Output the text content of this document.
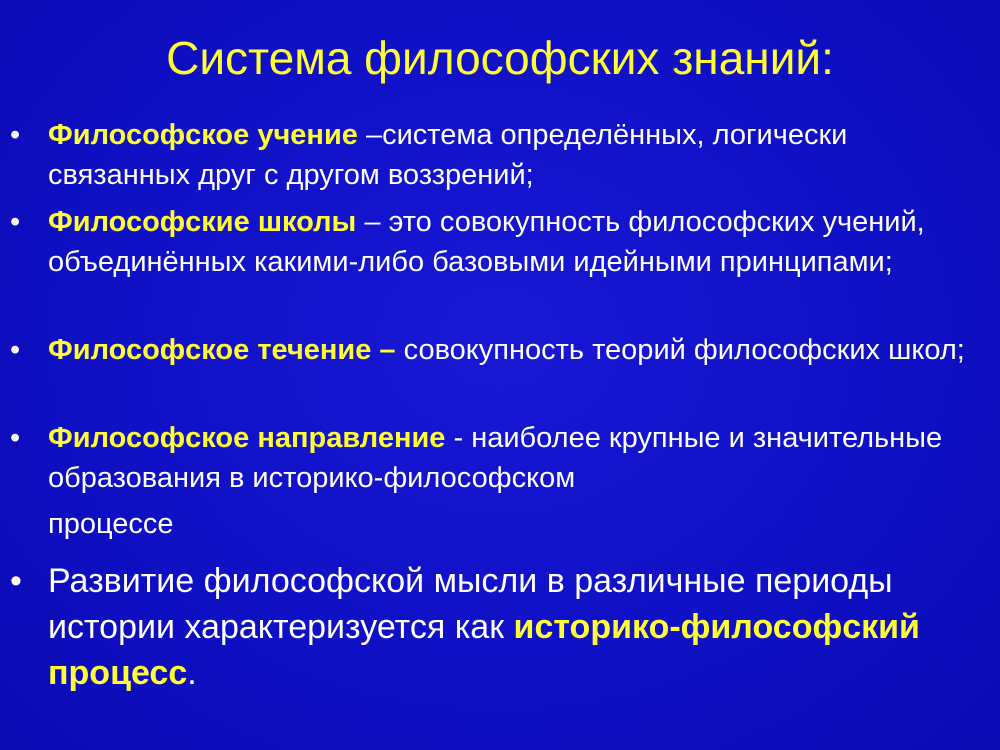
Система философских знаний:
• Философское учение –система определённых, логически связанных друг с другом воззрений;
• Философские школы – это совокупность философских учений, объединённых какими-либо базовыми идейными принципами;
• Философское течение – совокупность теорий философских школ;
• Философское направление - наиболее крупные и значительные образования в историко-философском
процессе
• Развитие философской мысли в различные периоды истории характеризуется как историко-философский процесс.
